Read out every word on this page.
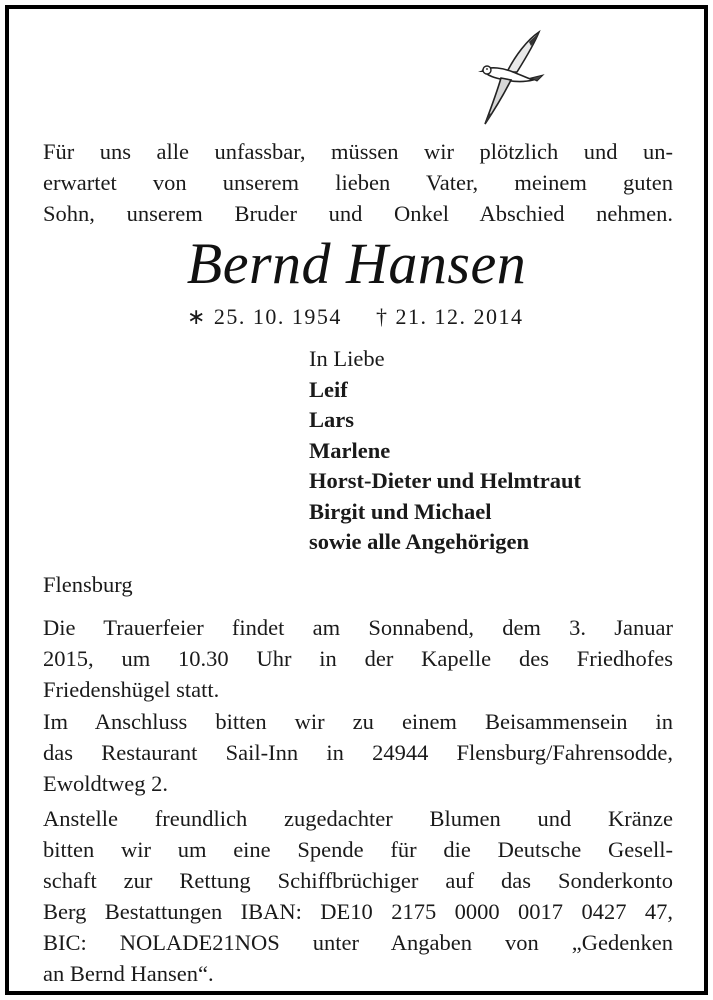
Für uns alle unfassbar, müssen wir plötzlich und un-
erwartet von unserem lieben Vater, meinem guten
Sohn, unserem Bruder und Onkel Abschied nehmen.
Bernd Hansen
∗ 25. 10. 1954 † 21. 12. 2014
In Liebe
Leif
Lars
Marlene
Horst-Dieter und Helmtraut
Birgit und Michael
sowie alle Angehörigen
Flensburg
Die Trauerfeier findet am Sonnabend, dem 3. Januar
2015, um 10.30 Uhr in der Kapelle des Friedhofes
Friedenshügel statt.
Im Anschluss bitten wir zu einem Beisammensein in
das Restaurant Sail-Inn in 24944 Flensburg/Fahrensodde,
Ewoldtweg 2.
Anstelle freundlich zugedachter Blumen und Kränze
bitten wir um eine Spende für die Deutsche Gesell-
schaft zur Rettung Schiffbrüchiger auf das Sonderkonto
Berg Bestattungen IBAN: DE10 2175 0000 0017 0427 47,
BIC: NOLADE21NOS unter Angaben von „Gedenken
an Bernd Hansen“.
